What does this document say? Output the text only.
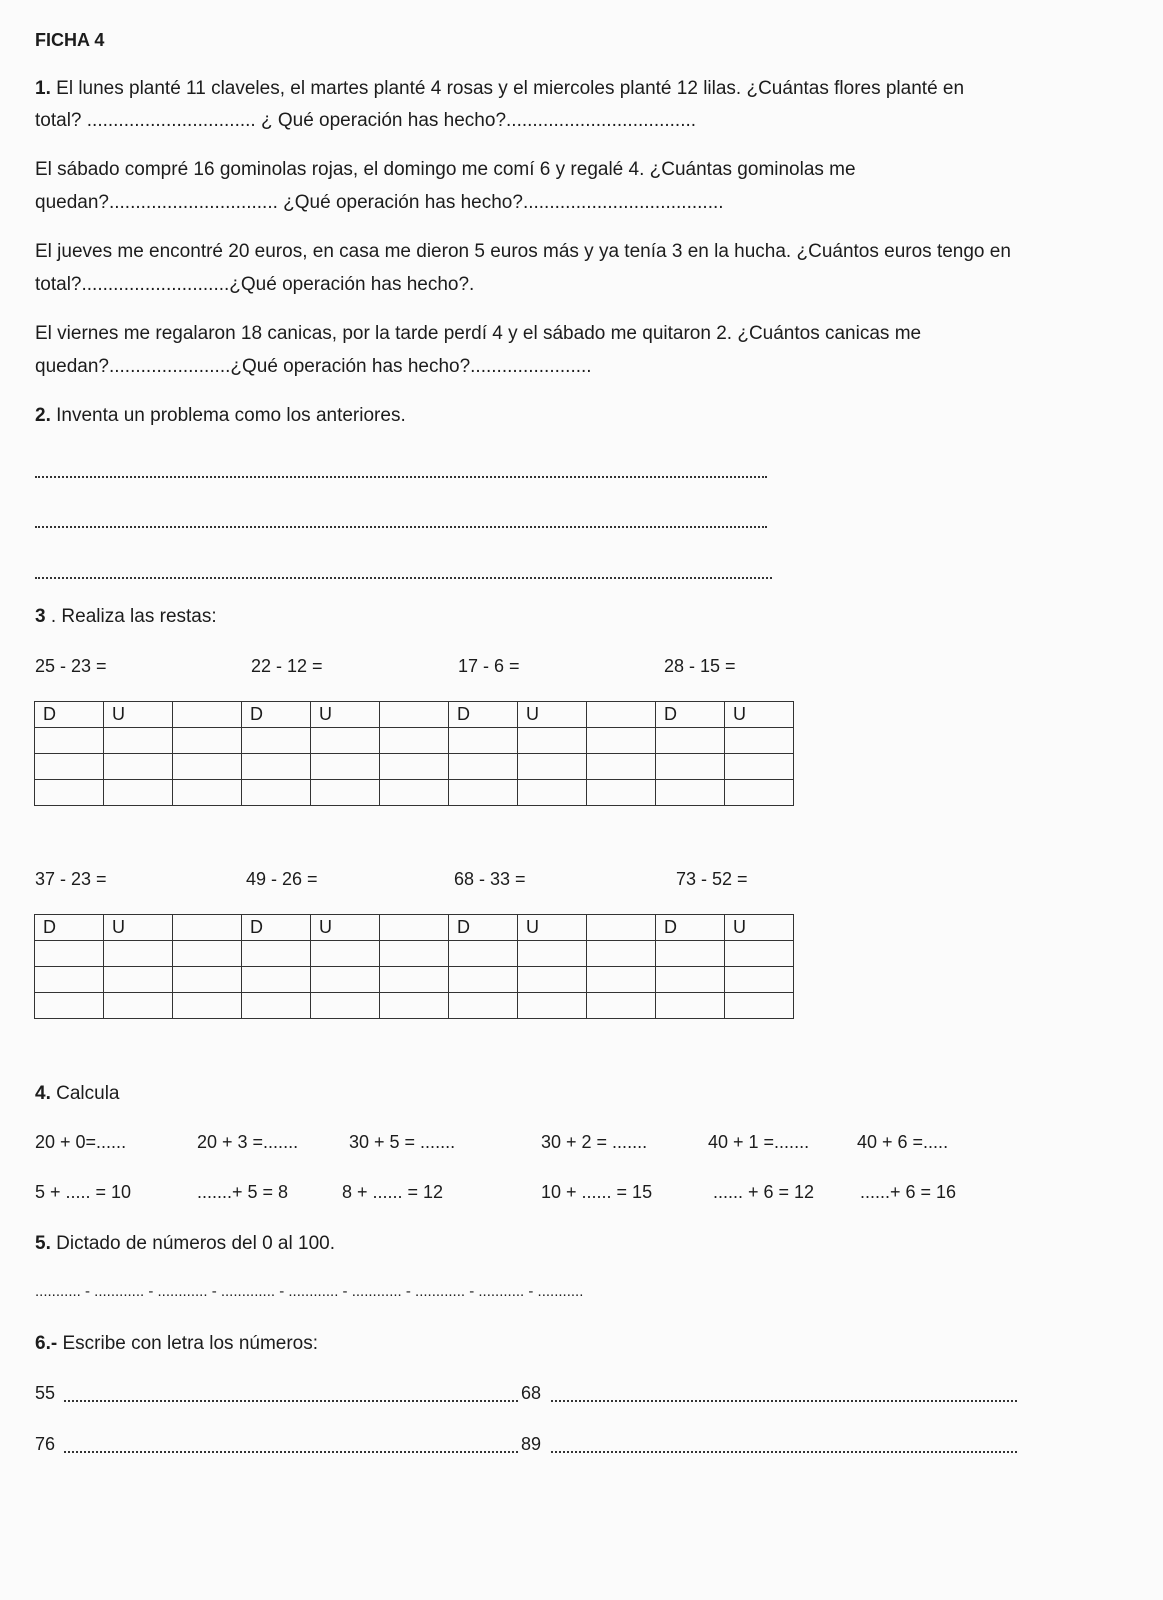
FICHA 4
1. El lunes planté 11 claveles, el martes planté 4 rosas y el miercoles planté 12 lilas. ¿Cuántas flores planté en
total? ................................ ¿ Qué operación has hecho?....................................
El sábado compré 16 gominolas rojas, el domingo me comí 6 y regalé 4. ¿Cuántas gominolas me
quedan?................................ ¿Qué operación has hecho?......................................
El jueves me encontré 20 euros, en casa me dieron 5 euros más y ya tenía 3 en la hucha. ¿Cuántos euros tengo en
total?............................¿Qué operación has hecho?.
El viernes me regalaron 18 canicas, por la tarde perdí 4 y el sábado me quitaron 2. ¿Cuántos canicas me
quedan?.......................¿Qué operación has hecho?.......................
2. Inventa un problema como los anteriores.
3 . Realiza las restas:
25 - 23 =	22 - 12 =	17 - 6 =	28 - 15 =
D	U		D	U		D	U		D	U

37 - 23 =	49 - 26 =	68 - 33 =	73 - 52 =
D	U		D	U		D	U		D	U

4. Calcula
20 + 0=......	20 + 3 =.......	30 + 5 = .......	30 + 2 = .......	40 + 1 =.......	40 + 6 =.....
5 + ..... = 10	.......+ 5 = 8	8 + ...... = 12	10 + ...... = 15	...... + 6 = 12	......+ 6 = 16
5. Dictado de números del 0 al 100.
........... - ............ - ............ - ............. - ............ - ............ - ............ - ........... - ...........
6.- Escribe con letra los números:
55	68
76	89
